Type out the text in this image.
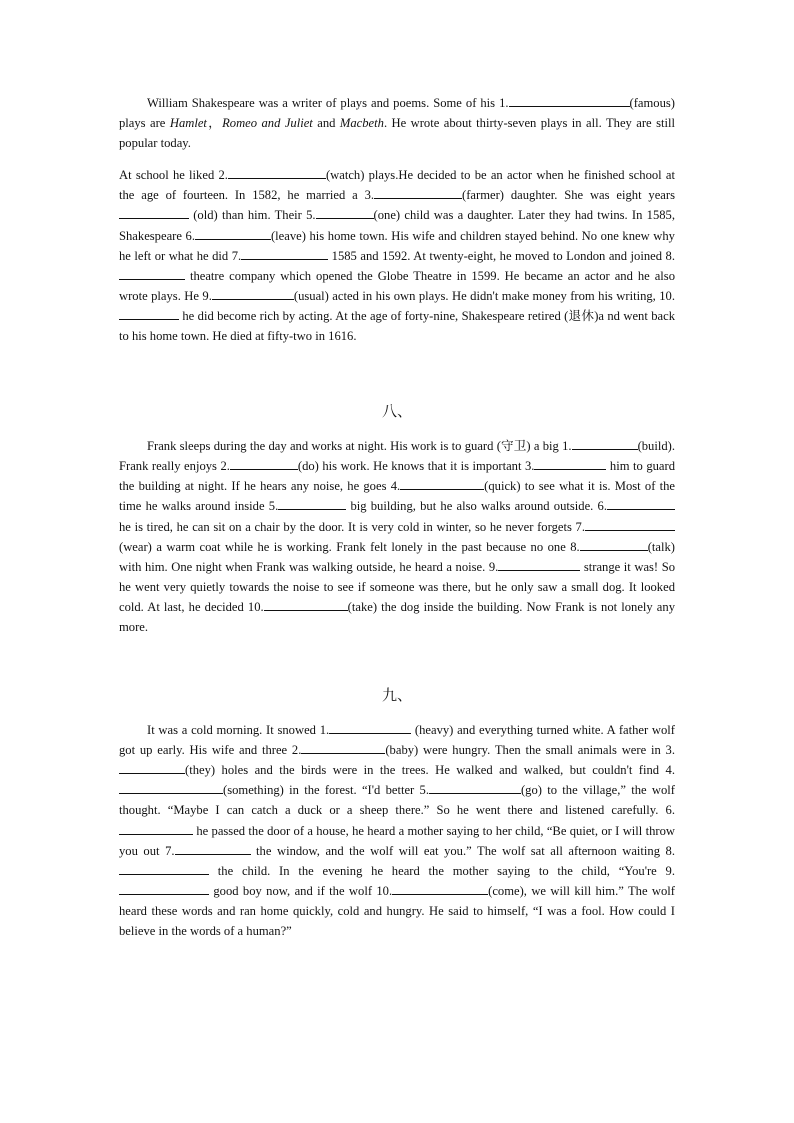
William Shakespeare was a writer of plays and poems. Some of his 1.	(famous) plays are Hamlet，Romeo and Juliet and Macbeth. He wrote about thirty-seven plays in all. They are still popular today.

At school he liked 2.	(watch) plays.He decided to be an actor when he finished school at the age of fourteen. In 1582, he married a 3.	(farmer) daughter. She was eight years  (old) than him. Their 5.	(one) child was a daughter. Later they had twins. In 1585, Shakespeare 6.	(leave) his home town. His wife and children stayed behind. No one knew why he left or what he did 7.	1585 and 1592. At twenty-eight, he moved to London and joined 8. theatre company which opened the Globe Theatre in 1599. He became an actor and he also wrote plays. He 9.	(usual) acted in his own plays. He didn't make money from his writing, 10. he did become rich by acting. At the age of forty-nine, Shakespeare retired (退休)a nd went back to his home town. He died at fifty-two in 1616.

八、

Frank sleeps during the day and works at night. His work is to guard (守卫) a big 1.	(build). Frank really enjoys 2.	(do) his work. He knows that it is important 3.	him to guard the building at night. If he hears any noise, he goes 4.	(quick) to see what it is. Most of the time he walks around inside 5.	big building, but he also walks around outside. 6. he is tired, he can sit on a chair by the door. It is very cold in winter, so he never forgets 7.(wear) a warm coat while he is working. Frank felt lonely in the past because no one 8.	(talk) with him. One night when Frank was walking outside, he heard a noise. 9.	strange it was! So he went very quietly towards the noise to see if someone was there, but he only saw a small dog. It looked cold. At last, he decided 10.	(take) the dog inside the building. Now Frank is not lonely any more.

九、

It was a cold morning. It snowed 1.	(heavy) and everything turned white. A father wolf got up early. His wife and three 2.	(baby) were hungry. Then the small animals were in 3.(they) holes and the birds were in the trees. He walked and walked, but couldn't find 4.(something) in the forest. “I'd better 5.	(go) to the village,” the wolf thought. “Maybe I can catch a duck or a sheep there.” So he went there and listened carefully. 6. he passed the door of a house, he heard a mother saying to her child, “Be quiet, or I will throw you out 7.	the window, and the wolf will eat you.” The wolf sat all afternoon waiting 8. the child. In the evening he heard the mother saying to the child, “You're 9. good boy now, and if the wolf 10.	(come), we will kill him.” The wolf heard these words and ran home quickly, cold and hungry. He said to himself, “I was a fool. How could I believe in the words of a human?”
